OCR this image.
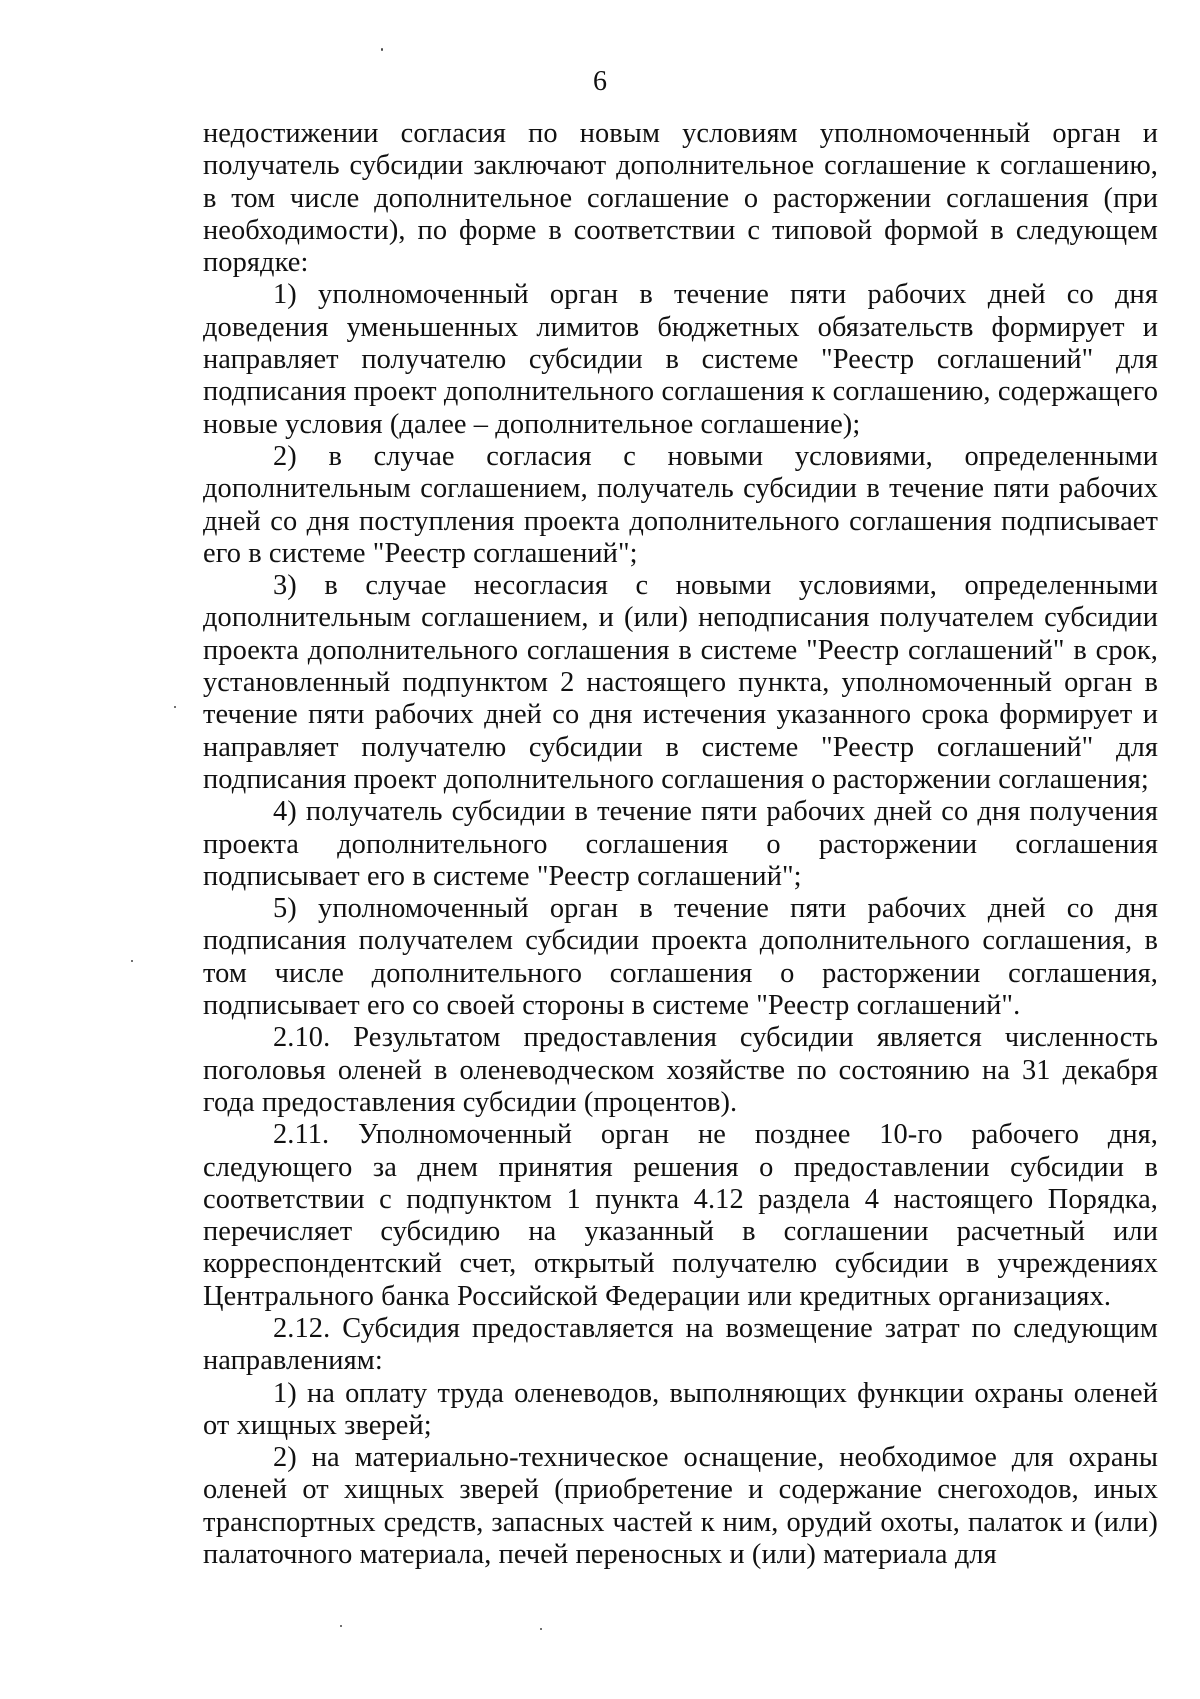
6

недостижении согласия по новым условиям уполномоченный орган и получатель субсидии заключают дополнительное соглашение к соглашению, в том числе дополнительное соглашение о расторжении соглашения (при необходимости), по форме в соответствии с типовой формой в следующем порядке:

1) уполномоченный орган в течение пяти рабочих дней со дня доведения уменьшенных лимитов бюджетных обязательств формирует и направляет получателю субсидии в системе "Реестр соглашений" для подписания проект дополнительного соглашения к соглашению, содержащего новые условия (далее – дополнительное соглашение);

2) в случае согласия с новыми условиями, определенными дополнительным соглашением, получатель субсидии в течение пяти рабочих дней со дня поступления проекта дополнительного соглашения подписывает его в системе "Реестр соглашений";

3) в случае несогласия с новыми условиями, определенными дополнительным соглашением, и (или) неподписания получателем субсидии проекта дополнительного соглашения в системе "Реестр соглашений" в срок, установленный подпунктом 2 настоящего пункта, уполномоченный орган в течение пяти рабочих дней со дня истечения указанного срока формирует и направляет получателю субсидии в системе "Реестр соглашений" для подписания проект дополнительного соглашения о расторжении соглашения;

4) получатель субсидии в течение пяти рабочих дней со дня получения проекта дополнительного соглашения о расторжении соглашения подписывает его в системе "Реестр соглашений";

5) уполномоченный орган в течение пяти рабочих дней со дня подписания получателем субсидии проекта дополнительного соглашения, в том числе дополнительного соглашения о расторжении соглашения, подписывает его со своей стороны в системе "Реестр соглашений".

2.10. Результатом предоставления субсидии является численность поголовья оленей в оленеводческом хозяйстве по состоянию на 31 декабря года предоставления субсидии (процентов).

2.11. Уполномоченный орган не позднее 10-го рабочего дня, следующего за днем принятия решения о предоставлении субсидии в соответствии с подпунктом 1 пункта 4.12 раздела 4 настоящего Порядка, перечисляет субсидию на указанный в соглашении расчетный или корреспондентский счет, открытый получателю субсидии в учреждениях Центрального банка Российской Федерации или кредитных организациях.

2.12. Субсидия предоставляется на возмещение затрат по следующим направлениям:

1) на оплату труда оленеводов, выполняющих функции охраны оленей от хищных зверей;

2) на материально-техническое оснащение, необходимое для охраны оленей от хищных зверей (приобретение и содержание снегоходов, иных транспортных средств, запасных частей к ним, орудий охоты, палаток и (или) палаточного материала, печей переносных и (или) материала для
